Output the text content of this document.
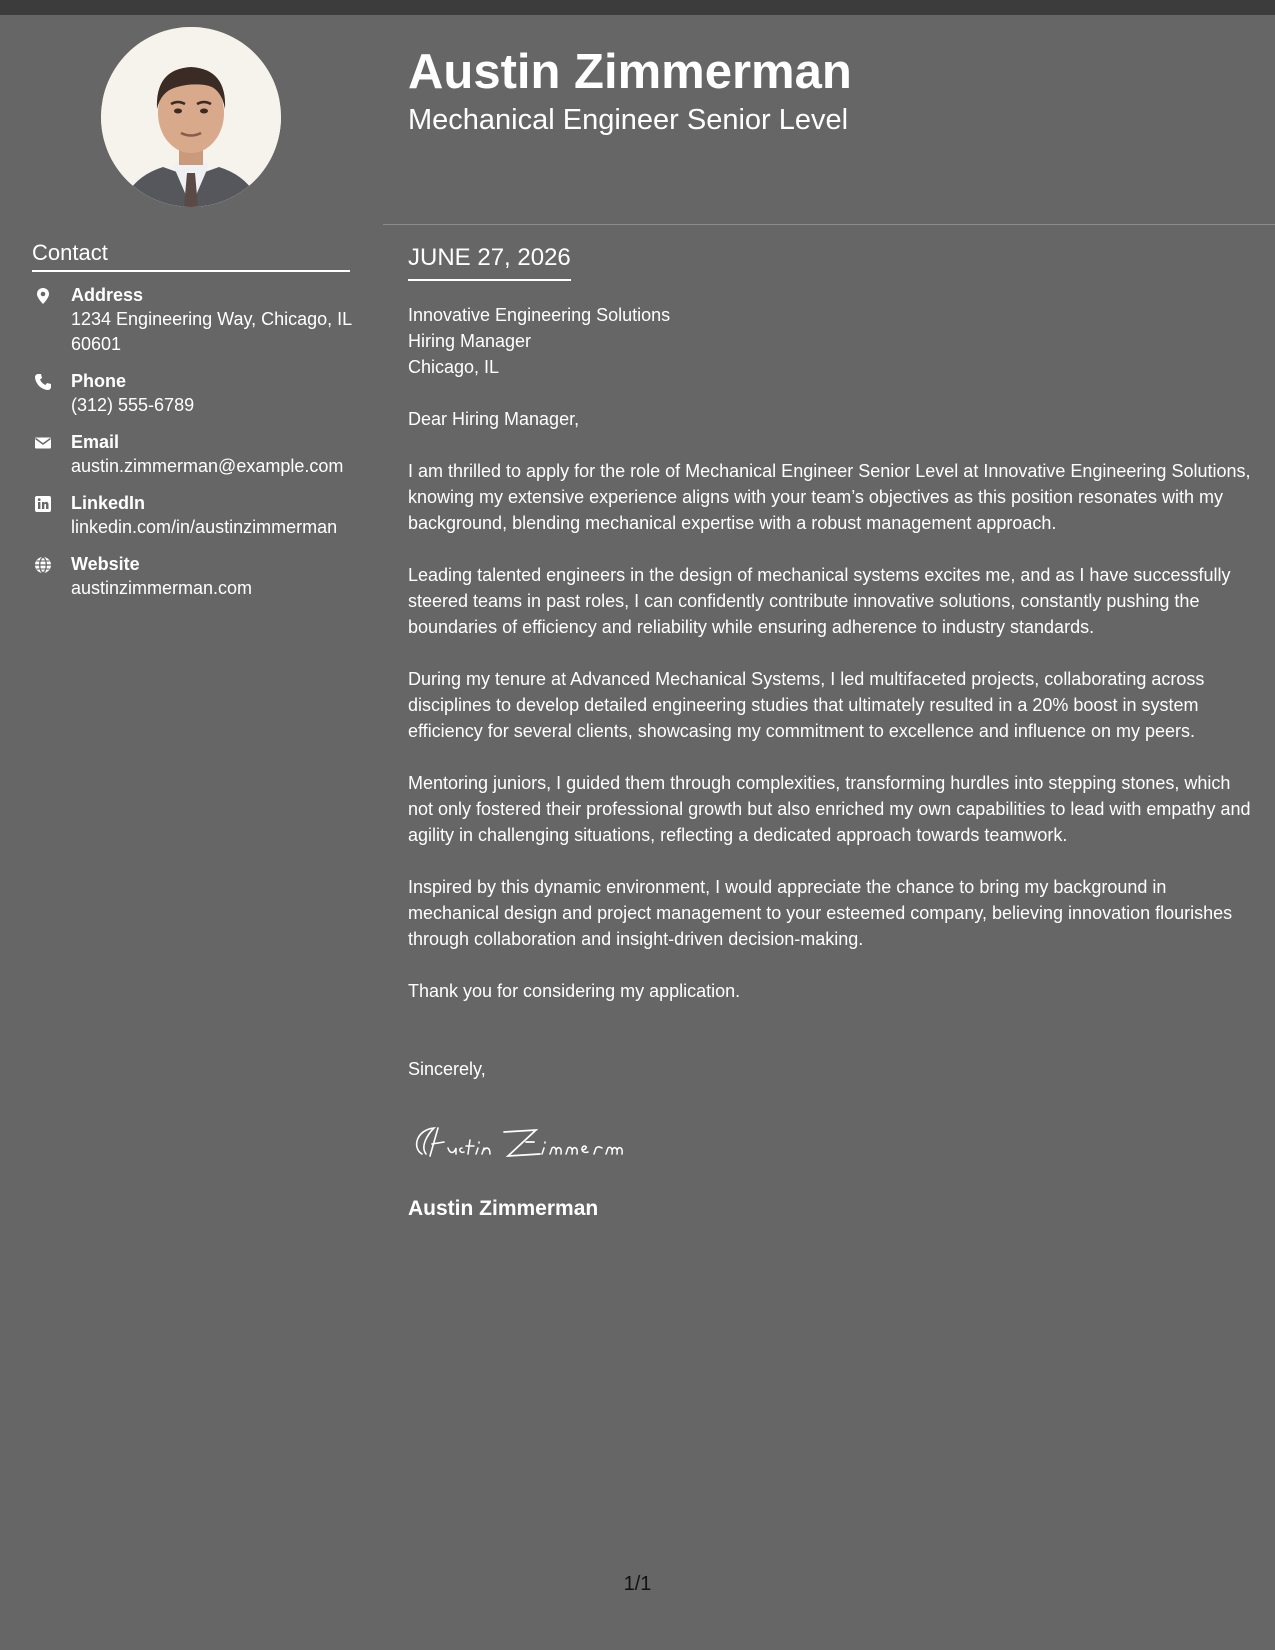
Contact
Address
1234 Engineering Way, Chicago, IL 60601
Phone
(312) 555-6789
Email
austin.zimmerman@example.com
LinkedIn
linkedin.com/in/austinzimmerman
Website
austinzimmerman.com
Austin Zimmerman
Mechanical Engineer Senior Level
JUNE 27, 2026
Innovative Engineering Solutions
Hiring Manager
Chicago, IL

Dear Hiring Manager,

I am thrilled to apply for the role of Mechanical Engineer Senior Level at Innovative Engineering Solutions, knowing my extensive experience aligns with your team’s objectives as this position resonates with my background, blending mechanical expertise with a robust management approach.

Leading talented engineers in the design of mechanical systems excites me, and as I have successfully steered teams in past roles, I can confidently contribute innovative solutions, constantly pushing the boundaries of efficiency and reliability while ensuring adherence to industry standards.

During my tenure at Advanced Mechanical Systems, I led multifaceted projects, collaborating across disciplines to develop detailed engineering studies that ultimately resulted in a 20% boost in system efficiency for several clients, showcasing my commitment to excellence and influence on my peers.

Mentoring juniors, I guided them through complexities, transforming hurdles into stepping stones, which not only fostered their professional growth but also enriched my own capabilities to lead with empathy and agility in challenging situations, reflecting a dedicated approach towards teamwork.

Inspired by this dynamic environment, I would appreciate the chance to bring my background in mechanical design and project management to your esteemed company, believing innovation flourishes through collaboration and insight-driven decision-making.

Thank you for considering my application.

Sincerely,

Austin Zimmerman
1/1
